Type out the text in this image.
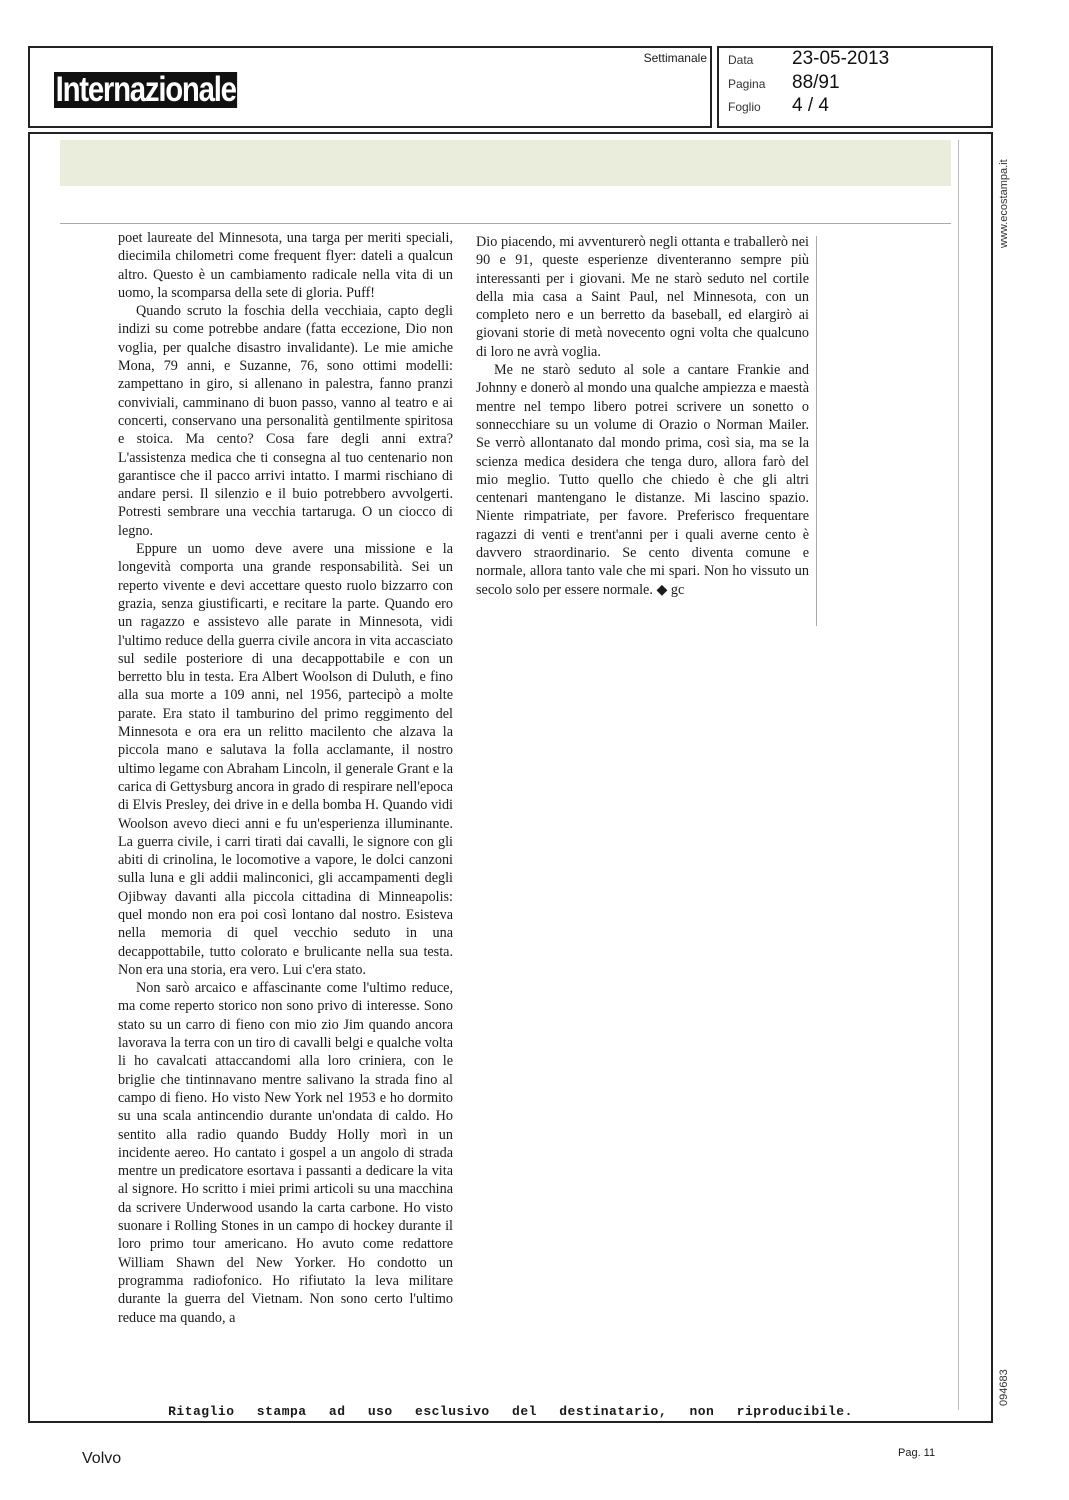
Internazionale
Settimanale Data 23-05-2013
Pagina 88/91
Foglio 4 / 4

poet laureate del Minnesota, una targa per meriti speciali, diecimila chilometri come frequent flyer: dateli a qualcun altro. Questo è un cambiamento radicale nella vita di un uomo, la scomparsa della sete di gloria. Puff!

Quando scruto la foschia della vecchiaia, capto degli indizi su come potrebbe andare (fatta eccezione, Dio non voglia, per qualche disastro invalidante). Le mie amiche Mona, 79 anni, e Suzanne, 76, sono ottimi modelli: zampettano in giro, si allenano in palestra, fanno pranzi conviviali, camminano di buon passo, vanno al teatro e ai concerti, conservano una personalità gentilmente spiritosa e stoica. Ma cento? Cosa fare degli anni extra? L'assistenza medica che ti consegna al tuo centenario non garantisce che il pacco arrivi intatto. I marmi rischiano di andare persi. Il silenzio e il buio potrebbero avvolgerti. Potresti sembrare una vecchia tartaruga. O un ciocco di legno.

Eppure un uomo deve avere una missione e la longevità comporta una grande responsabilità. Sei un reperto vivente e devi accettare questo ruolo bizzarro con grazia, senza giustificarti, e recitare la parte. Quando ero un ragazzo e assistevo alle parate in Minnesota, vidi l'ultimo reduce della guerra civile ancora in vita accasciato sul sedile posteriore di una decappottabile e con un berretto blu in testa. Era Albert Woolson di Duluth, e fino alla sua morte a 109 anni, nel 1956, partecipò a molte parate. Era stato il tamburino del primo reggimento del Minnesota e ora era un relitto macilento che alzava la piccola mano e salutava la folla acclamante, il nostro ultimo legame con Abraham Lincoln, il generale Grant e la carica di Gettysburg ancora in grado di respirare nell'epoca di Elvis Presley, dei drive in e della bomba H. Quando vidi Woolson avevo dieci anni e fu un'esperienza illuminante. La guerra civile, i carri tirati dai cavalli, le signore con gli abiti di crinolina, le locomotive a vapore, le dolci canzoni sulla luna e gli addii malinconici, gli accampamenti degli Ojibway davanti alla piccola cittadina di Minneapolis: quel mondo non era poi così lontano dal nostro. Esisteva nella memoria di quel vecchio seduto in una decappottabile, tutto colorato e brulicante nella sua testa. Non era una storia, era vero. Lui c'era stato.

Non sarò arcaico e affascinante come l'ultimo reduce, ma come reperto storico non sono privo di interesse. Sono stato su un carro di fieno con mio zio Jim quando ancora lavorava la terra con un tiro di cavalli belgi e qualche volta li ho cavalcati attaccandomi alla loro criniera, con le briglie che tintinnavano mentre salivano la strada fino al campo di fieno. Ho visto New York nel 1953 e ho dormito su una scala antincendio durante un'ondata di caldo. Ho sentito alla radio quando Buddy Holly morì in un incidente aereo. Ho cantato i gospel a un angolo di strada mentre un predicatore esortava i passanti a dedicare la vita al signore. Ho scritto i miei primi articoli su una macchina da scrivere Underwood usando la carta carbone. Ho visto suonare i Rolling Stones in un campo di hockey durante il loro primo tour americano. Ho avuto come redattore William Shawn del New Yorker. Ho condotto un programma radiofonico. Ho rifiutato la leva militare durante la guerra del Vietnam. Non sono certo l'ultimo reduce ma quando, a

Dio piacendo, mi avventurerò negli ottanta e traballerò nei 90 e 91, queste esperienze diventeranno sempre più interessanti per i giovani. Me ne starò seduto nel cortile della mia casa a Saint Paul, nel Minnesota, con un completo nero e un berretto da baseball, ed elargirò ai giovani storie di metà novecento ogni volta che qualcuno di loro ne avrà voglia.

Me ne starò seduto al sole a cantare Frankie and Johnny e donerò al mondo una qualche ampiezza e maestà mentre nel tempo libero potrei scrivere un sonetto o sonnecchiare su un volume di Orazio o Norman Mailer. Se verrò allontanato dal mondo prima, così sia, ma se la scienza medica desidera che tenga duro, allora farò del mio meglio. Tutto quello che chiedo è che gli altri centenari mantengano le distanze. Mi lascino spazio. Niente rimpatriate, per favore. Preferisco frequentare ragazzi di venti e trent'anni per i quali averne cento è davvero straordinario. Se cento diventa comune e normale, allora tanto vale che mi spari. Non ho vissuto un secolo solo per essere normale. ◆ gc

www.ecostampa.it
094683
Ritaglio stampa ad uso esclusivo del destinatario, non riproducibile.
Volvo	Pag. 11
